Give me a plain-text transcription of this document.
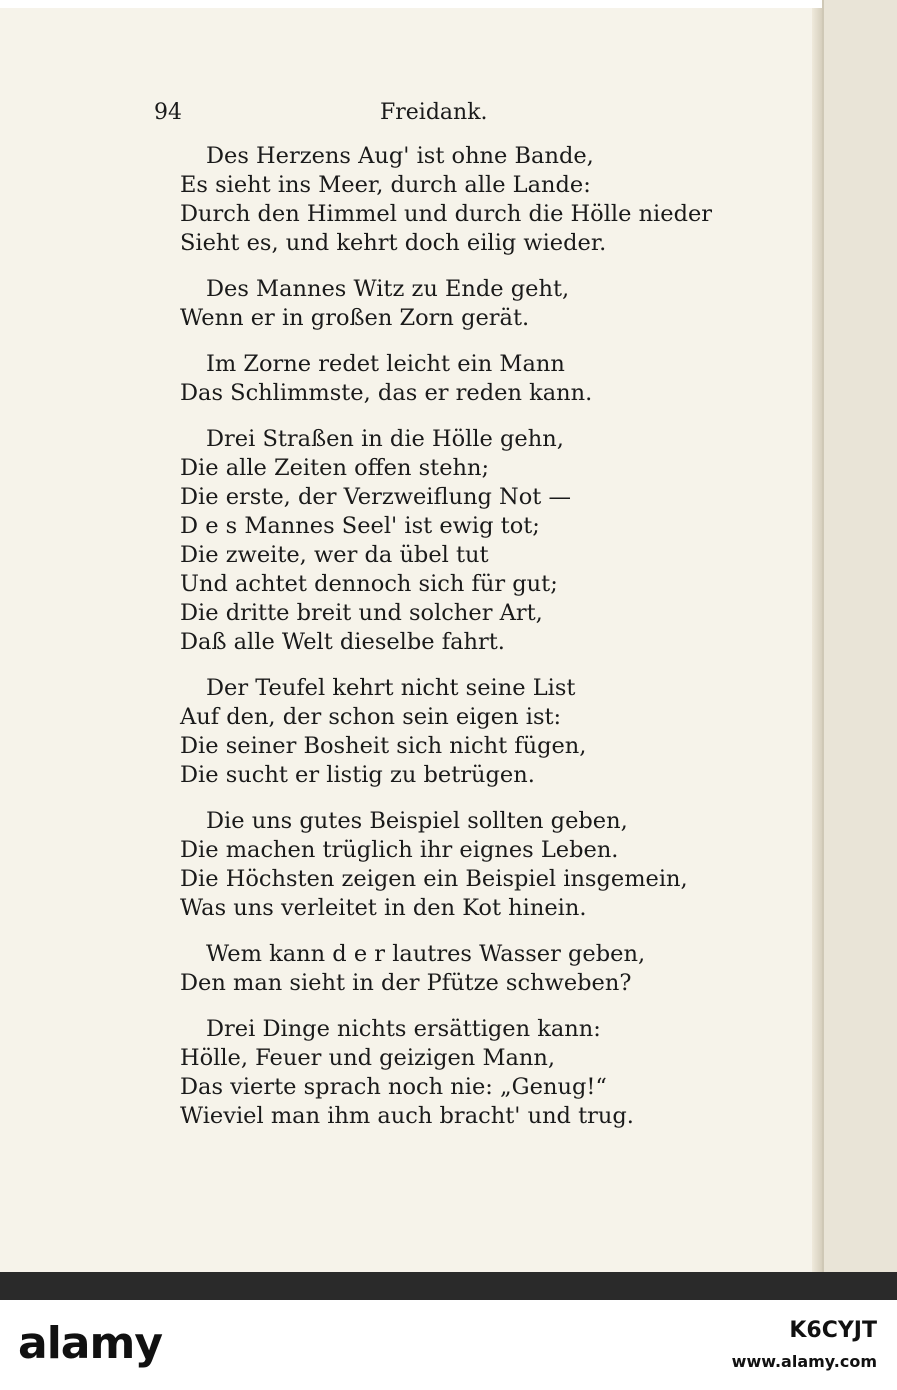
94	Freidank.
Des Herzens Aug' ist ohne Bande,
Es sieht ins Meer, durch alle Lande:
Durch den Himmel und durch die Hölle nieder
Sieht es, und kehrt doch eilig wieder.
Des Mannes Witz zu Ende geht,
Wenn er in großen Zorn gerät.
Im Zorne redet leicht ein Mann
Das Schlimmste, das er reden kann.
Drei Straßen in die Hölle gehn,
Die alle Zeiten offen stehn;
Die erste, der Verzweiflung Not —
D e s Mannes Seel' ist ewig tot;
Die zweite, wer da übel tut
Und achtet dennoch sich für gut;
Die dritte breit und solcher Art,
Daß alle Welt dieselbe fahrt.
Der Teufel kehrt nicht seine List
Auf den, der schon sein eigen ist:
Die seiner Bosheit sich nicht fügen,
Die sucht er listig zu betrügen.
Die uns gutes Beispiel sollten geben,
Die machen trüglich ihr eignes Leben.
Die Höchsten zeigen ein Beispiel insgemein,
Was uns verleitet in den Kot hinein.
Wem kann d e r lautres Wasser geben,
Den man sieht in der Pfütze schweben?
Drei Dinge nichts ersättigen kann:
Hölle, Feuer und geizigen Mann,
Das vierte sprach noch nie: „Genug!“
Wieviel man ihm auch bracht' und trug.
alamy	K6CYJT
www.alamy.com
